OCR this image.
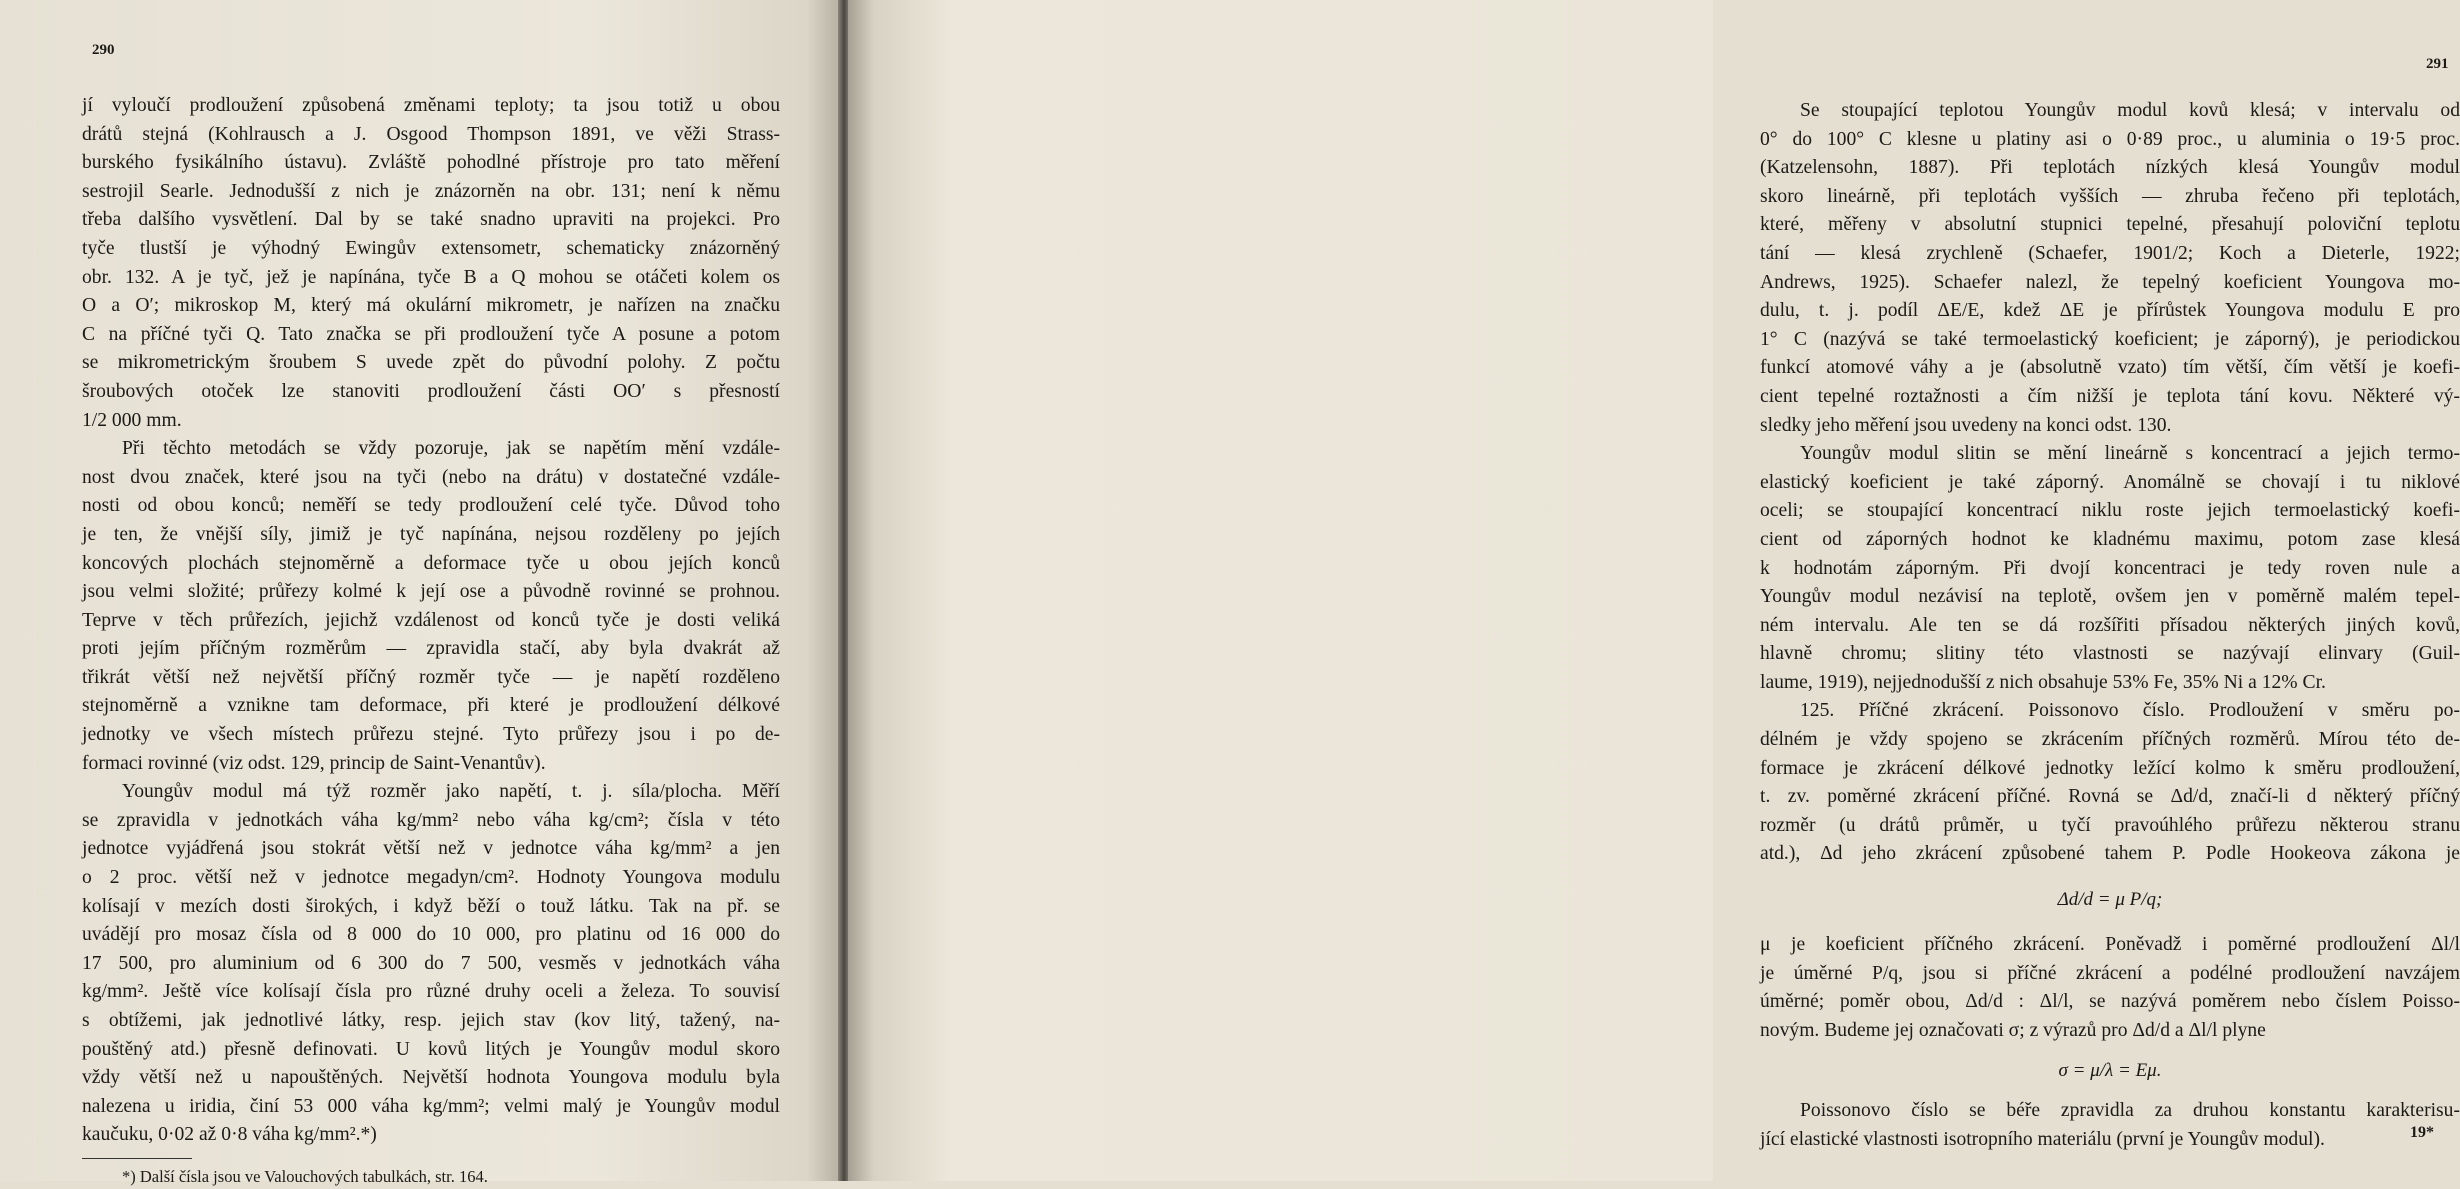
290
jí vyloučí prodloužení způsobená změnami teploty; ta jsou totiž u obou
drátů stejná (Kohlrausch a J. Osgood Thompson 1891, ve věži Strass-
burského fysikálního ústavu). Zvláště pohodlné přístroje pro tato měření
sestrojil Searle. Jednodušší z nich je znázorněn na obr. 131; není k němu
třeba dalšího vysvětlení. Dal by se také snadno upraviti na projekci. Pro
tyče tlustší je výhodný Ewingův extensometr, schematicky znázorněný
obr. 132. A je tyč, jež je napínána, tyče B a Q mohou se otáčeti kolem os
O a O′; mikroskop M, který má okulární mikrometr, je nařízen na značku
C na příčné tyči Q. Tato značka se při prodloužení tyče A posune a potom
se mikrometrickým šroubem S uvede zpět do původní polohy. Z počtu
šroubových otoček lze stanoviti prodloužení části OO′ s přesností
1/2 000 mm.
Při těchto metodách se vždy pozoruje, jak se napětím mění vzdále-
nost dvou značek, které jsou na tyči (nebo na drátu) v dostatečné vzdále-
nosti od obou konců; neměří se tedy prodloužení celé tyče. Důvod toho
je ten, že vnější síly, jimiž je tyč napínána, nejsou rozděleny po jejích
koncových plochách stejnoměrně a deformace tyče u obou jejích konců
jsou velmi složité; průřezy kolmé k její ose a původně rovinné se prohnou.
Teprve v těch průřezích, jejichž vzdálenost od konců tyče je dosti veliká
proti jejím příčným rozměrům — zpravidla stačí, aby byla dvakrát až
třikrát větší než největší příčný rozměr tyče — je napětí rozděleno
stejnoměrně a vznikne tam deformace, při které je prodloužení délkové
jednotky ve všech místech průřezu stejné. Tyto průřezy jsou i po de-
formaci rovinné (viz odst. 129, princip de Saint-Venantův).
Youngův modul má týž rozměr jako napětí, t. j. síla/plocha. Měří
se zpravidla v jednotkách váha kg/mm² nebo váha kg/cm²; čísla v této
jednotce vyjádřená jsou stokrát větší než v jednotce váha kg/mm² a jen
o 2 proc. větší než v jednotce megadyn/cm². Hodnoty Youngova modulu
kolísají v mezích dosti širokých, i když běží o touž látku. Tak na př. se
uvádějí pro mosaz čísla od 8 000 do 10 000, pro platinu od 16 000 do
17 500, pro aluminium od 6 300 do 7 500, vesměs v jednotkách váha
kg/mm². Ještě více kolísají čísla pro různé druhy oceli a železa. To souvisí
s obtížemi, jak jednotlivé látky, resp. jejich stav (kov litý, tažený, na-
pouštěný atd.) přesně definovati. U kovů litých je Youngův modul skoro
vždy větší než u napouštěných. Největší hodnota Youngova modulu byla
nalezena u iridia, činí 53 000 váha kg/mm²; velmi malý je Youngův modul
kaučuku, 0·02 až 0·8 váha kg/mm².*)
*) Další čísla jsou ve Valouchových tabulkách, str. 164.
291
Se stoupající teplotou Youngův modul kovů klesá; v intervalu od
0° do 100° C klesne u platiny asi o 0·89 proc., u aluminia o 19·5 proc.
(Katzelensohn, 1887). Při teplotách nízkých klesá Youngův modul
skoro lineárně, při teplotách vyšších — zhruba řečeno při teplotách,
které, měřeny v absolutní stupnici tepelné, přesahují poloviční teplotu
tání — klesá zrychleně (Schaefer, 1901/2; Koch a Dieterle, 1922;
Andrews, 1925). Schaefer nalezl, že tepelný koeficient Youngova mo-
dulu, t. j. podíl ΔE/E, kdež ΔE je přírůstek Youngova modulu E pro
1° C (nazývá se také termoelastický koeficient; je záporný), je periodickou
funkcí atomové váhy a je (absolutně vzato) tím větší, čím větší je koefi-
cient tepelné roztažnosti a čím nižší je teplota tání kovu. Některé vý-
sledky jeho měření jsou uvedeny na konci odst. 130.
Youngův modul slitin se mění lineárně s koncentrací a jejich termo-
elastický koeficient je také záporný. Anomálně se chovají i tu niklové
oceli; se stoupající koncentrací niklu roste jejich termoelastický koefi-
cient od záporných hodnot ke kladnému maximu, potom zase klesá
k hodnotám záporným. Při dvojí koncentraci je tedy roven nule a
Youngův modul nezávisí na teplotě, ovšem jen v poměrně malém tepel-
ném intervalu. Ale ten se dá rozšířiti přísadou některých jiných kovů,
hlavně chromu; slitiny této vlastnosti se nazývají elinvary (Guil-
laume, 1919), nejjednodušší z nich obsahuje 53% Fe, 35% Ni a 12% Cr.
125. Příčné zkrácení. Poissonovo číslo. Prodloužení v směru po-
délném je vždy spojeno se zkrácením příčných rozměrů. Mírou této de-
formace je zkrácení délkové jednotky ležící kolmo k směru prodloužení,
t. zv. poměrné zkrácení příčné. Rovná se Δd/d, značí-li d některý příčný
rozměr (u drátů průměr, u tyčí pravoúhlého průřezu některou stranu
atd.), Δd jeho zkrácení způsobené tahem P. Podle Hookeova zákona je
Δd/d = μ P/q;
μ je koeficient příčného zkrácení. Poněvadž i poměrné prodloužení Δl/l
je úměrné P/q, jsou si příčné zkrácení a podélné prodloužení navzájem
úměrné; poměr obou, Δd/d : Δl/l, se nazývá poměrem nebo číslem Poisso-
novým. Budeme jej označovati σ; z výrazů pro Δd/d a Δl/l plyne
σ = μ/λ = Eμ.
Poissonovo číslo se béře zpravidla za druhou konstantu karakterisu-
jící elastické vlastnosti isotropního materiálu (první je Youngův modul).	19*
